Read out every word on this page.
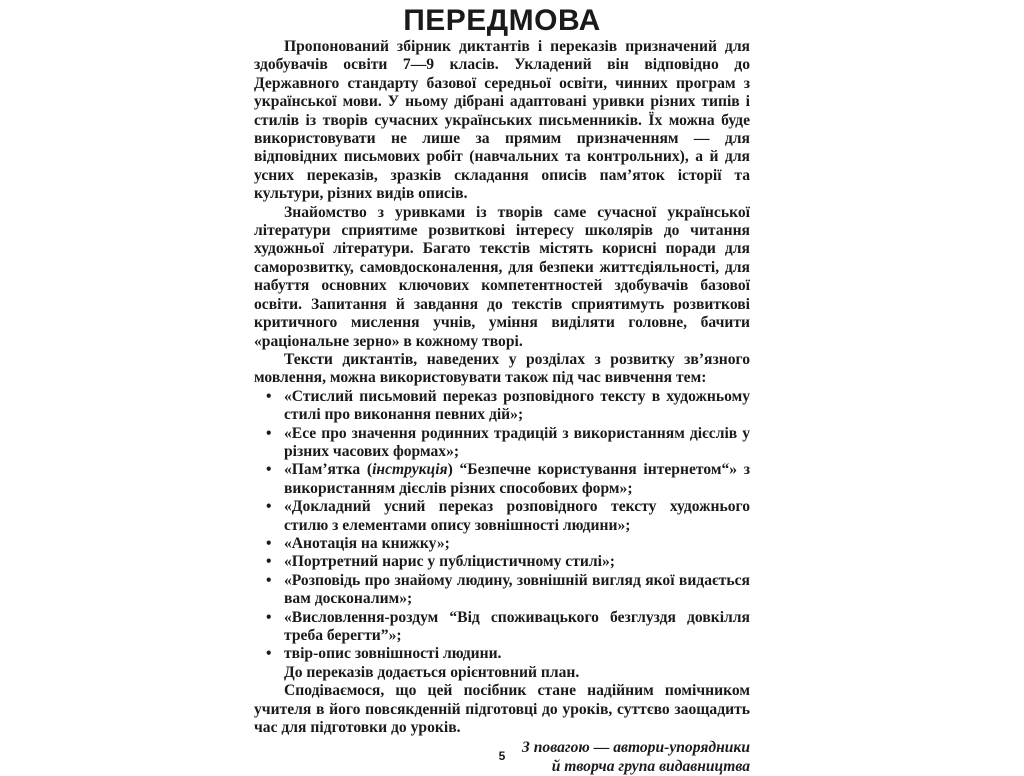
ПЕРЕДМОВА

Пропонований збірник диктантів і переказів призначений для здобувачів освіти 7—9 класів. Укладений він відповідно до Державного стандарту базової середньої освіти, чинних програм з української мови. У ньому дібрані адаптовані уривки різних типів і стилів із творів сучасних українських письменників. Їх можна буде використовувати не лише за прямим призначенням — для відповідних письмових робіт (навчальних та контрольних), а й для усних переказів, зразків складання описів пам’яток історії та культури, різних видів описів.

Знайомство з уривками із творів саме сучасної української літератури сприятиме розвиткові інтересу школярів до читання художньої літератури. Багато текстів містять корисні поради для саморозвитку, самовдосконалення, для безпеки життєдіяльності, для набуття основних ключових компетентностей здобувачів базової освіти. Запитання й завдання до текстів сприятимуть розвиткові критичного мислення учнів, уміння виділяти головне, бачити «раціональне зерно» в кожному творі.

Тексти диктантів, наведених у розділах з розвитку зв’язного мовлення, можна використовувати також під час вивчення тем:

• «Стислий письмовий переказ розповідного тексту в художньому стилі про виконання певних дій»;
• «Есе про значення родинних традицій з використанням дієслів у різних часових формах»;
• «Пам’ятка (інструкція) “Безпечне користування інтернетом“» з використанням дієслів різних способових форм»;
• «Докладний усний переказ розповідного тексту художнього стилю з елементами опису зовнішності людини»;
• «Анотація на книжку»;
• «Портретний нарис у публіцистичному стилі»;
• «Розповідь про знайому людину, зовнішній вигляд якої видається вам досконалим»;
• «Висловлення-роздум “Від споживацького безглуздя довкілля треба берегти”»;
• твір-опис зовнішності людини.

До переказів додається орієнтовний план.

Сподіваємося, що цей посібник стане надійним помічником учителя в його повсякденній підготовці до уроків, суттєво заощадить час для підготовки до уроків.

З повагою — автори-упорядники
й творча група видавництва
5
